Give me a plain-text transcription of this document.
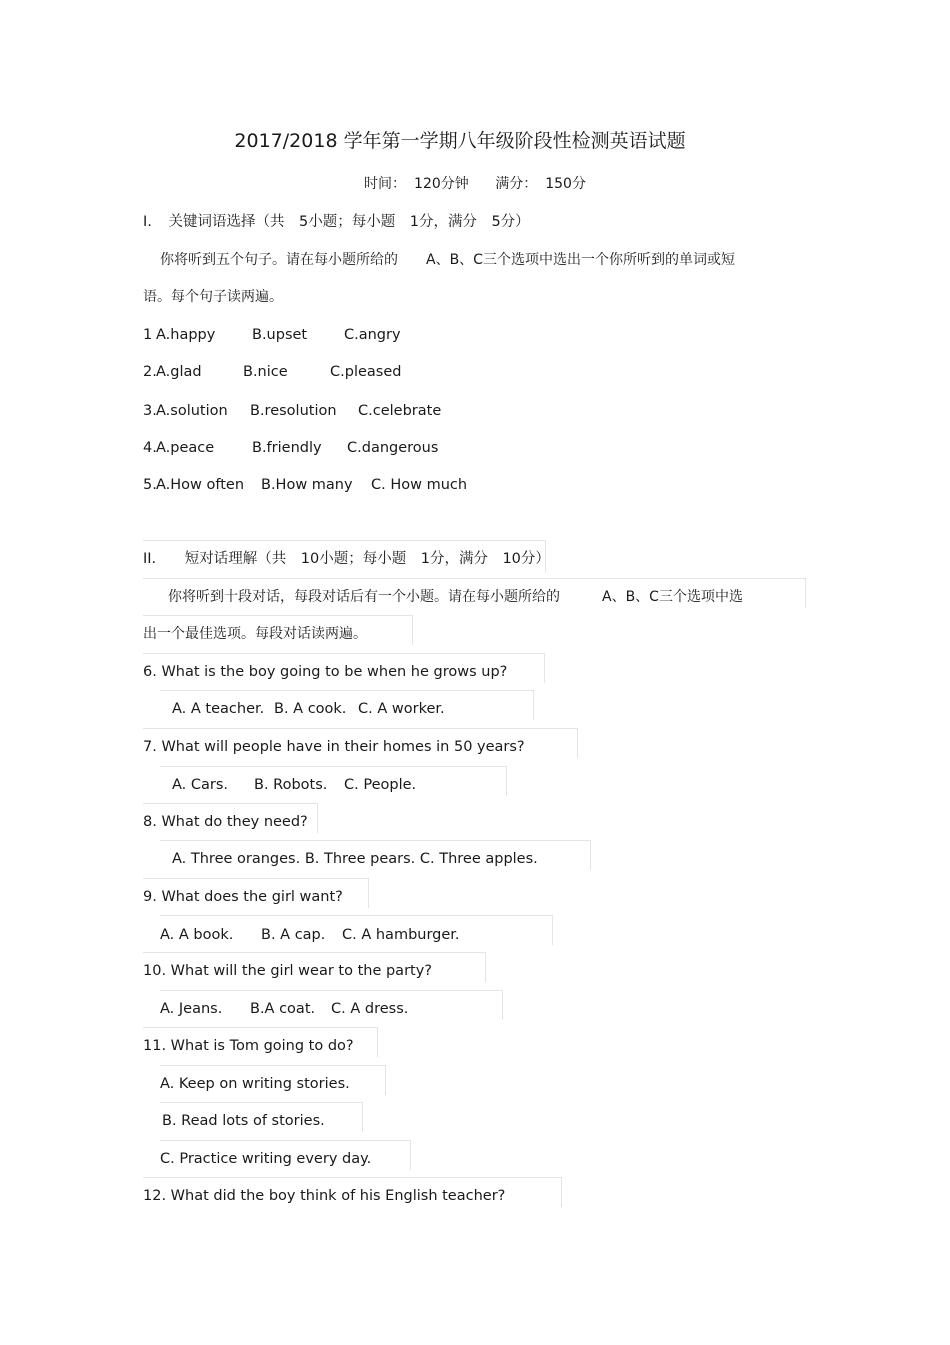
2017/2018 学年第一学期八年级阶段性检测英语试题
时间： 120分钟 满分： 150分
I. 关键词语选择（共　5小题；每小题　1分，满分　5分）
你将听到五个句子。请在每小题所给的　　A、B、C三个选项中选出一个你所听到的单词或短
语。每个句子读两遍。
1 A.happy	B.upset	C.angry
2. A.glad	B.nice	C.pleased
3. A.solution B.resolution C.celebrate
4. A.peace	B.friendly C.dangerous
5. A.How often B.How many C. How much
II. 短对话理解（共　10小题；每小题　1分，满分　10分）
你将听到十段对话，每段对话后有一个小题。请在每小题所给的　　　A、B、C三个选项中选
出一个最佳选项。每段对话读两遍。
6. What is the boy going to be when he grows up?
A. A teacher. B. A cook. C. A worker.
7. What will people have in their homes in 50 years?
A. Cars. B. Robots. C. People.
8. What do they need?
A. Three oranges. B. Three pears. C. Three apples.
9. What does the girl want?
A. A book. B. A cap. C. A hamburger.
10. What will the girl wear to the party?
A. Jeans. B.A coat. C. A dress.
11. What is Tom going to do?
A. Keep on writing stories.
B. Read lots of stories.
C. Practice writing every day.
12. What did the boy think of his English teacher?
